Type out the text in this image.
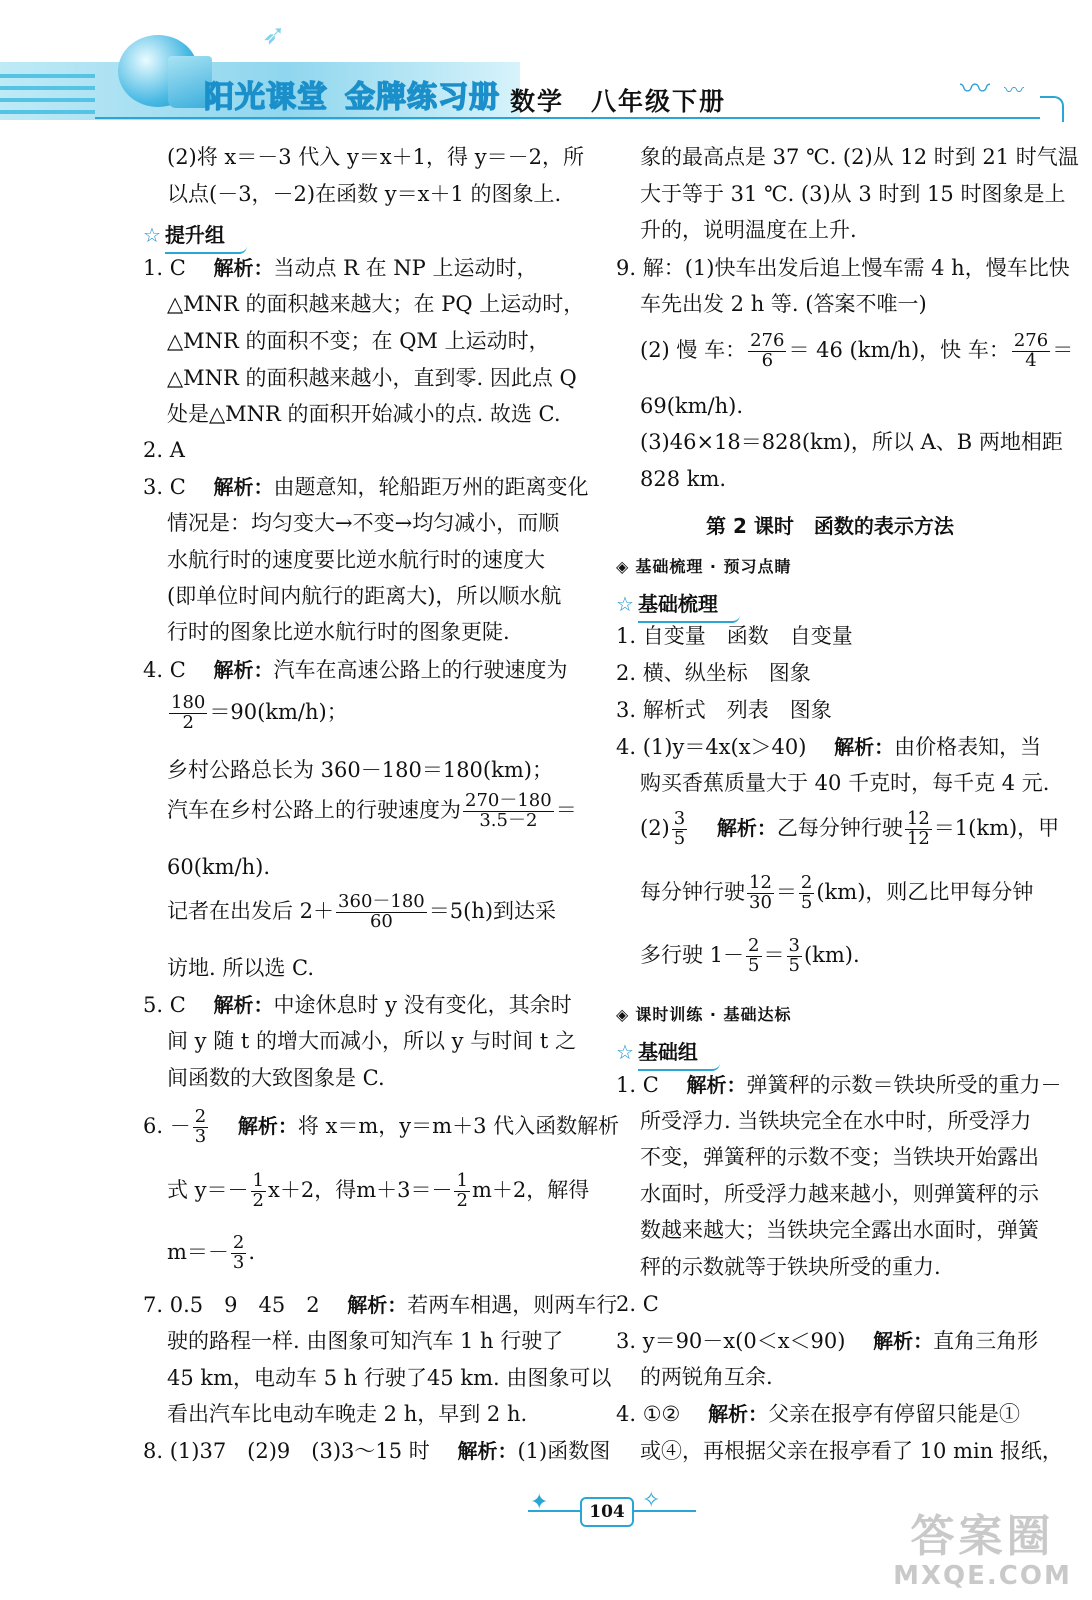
➶
阳光课堂 金牌练习册 数学　八年级下册	〰 〰
(2)将 x＝－3 代入 y＝x＋1，得 y＝－2，所
以点(－3，－2)在函数 y＝x＋1 的图象上.
☆ 提升组
1. C　 解析：当动点 R 在 NP 上运动时，
△MNR 的面积越来越大；在 PQ 上运动时，
△MNR 的面积不变；在 QM 上运动时，
△MNR 的面积越来越小，直到零. 因此点 Q
处是△MNR 的面积开始减小的点. 故选 C.
2. A
3. C　 解析：由题意知，轮船距万州的距离变化
情况是：均匀变大→不变→均匀减小，而顺
水航行时的速度要比逆水航行时的速度大
(即单位时间内航行的距离大)，所以顺水航
行时的图象比逆水航行时的图象更陡.
4. C　 解析：汽车在高速公路上的行驶速度为
$\frac{180}{2} =90(km/h)$；
乡村公路总长为 360－180＝180(km)；
汽车在乡村公路上的行驶速度为 $\frac{270-180}{3.5-2}$ ＝
60(km/h).
记者在出发后 $2+ \frac{360-180}{60} =5(h)$到达采
访地. 所以选 C.
5. C　 解析：中途休息时 y 没有变化，其余时
间 y 随 t 的增大而减小，所以 y 与时间 t 之
间函数的大致图象是 C.
6. － $\frac{2}{3}$
　 解析：将 x＝m，y＝m＋3 代入函数解析
式 $y=- \frac{1}{2} x+2$，得$m+3=- \frac{1}{2} m+2$，解得
$m=- \frac{2}{3}$ .
7. 0.5　9　45　2　 解析：若两车相遇，则两车行
驶的路程一样. 由图象可知汽车 1 h 行驶了
45 km，电动车 5 h 行驶了45 km. 由图象可以
看出汽车比电动车晚走 2 h，早到 2 h.
8. (1)37　(2)9　(3)3～15 时　 解析：(1)函数图
象的最高点是 37 ℃. (2)从 12 时到 21 时气温
大于等于 31 ℃. (3)从 3 时到 15 时图象是上
升的，说明温度在上升.
9. 解：(1)快车出发后追上慢车需 4 h，慢车比快
车先出发 2 h 等. (答案不唯一)
(2) 慢 车： $\frac{276}{6} = 46$ (km/h)，快 车： $\frac{276}{4}$ ＝
69(km/h).
(3)46×18＝828(km)，所以 A、B 两地相距
828 km.
第 2 课时　函数的表示方法
◈ 基础梳理 · 预习点睛
☆ 基础梳理
1. 自变量　函数　自变量
2. 横、纵坐标　图象
3. 解析式　列表　图象
4. (1)y＝4x(x＞40)　 解析：由价格表知，当
购买香蕉质量大于 40 千克时，每千克 4 元.
$(2) \frac{3}{5}$
　 解析：乙每分钟行驶 $\frac{12}{12} =1(km)$，甲
每分钟行驶 $\frac{12}{30} = \frac{2}{5} (km)$，则乙比甲每分钟
多行驶 $1- \frac{2}{5} = \frac{3}{5} (km)$.
◈ 课时训练 · 基础达标
☆ 基础组
1. C　 解析：弹簧秤的示数＝铁块所受的重力－
所受浮力. 当铁块完全在水中时，所受浮力
不变，弹簧秤的示数不变；当铁块开始露出
水面时，所受浮力越来越小，则弹簧秤的示
数越来越大；当铁块完全露出水面时，弹簧
秤的示数就等于铁块所受的重力.
2. C
3. y＝90－x(0＜x＜90)　 解析：直角三角形
的两锐角互余.
4. ①②　 解析：父亲在报亭有停留只能是①
或④，再根据父亲在报亭看了 10 min 报纸，
✦	✧
104	答案圈
MXQE.COM
